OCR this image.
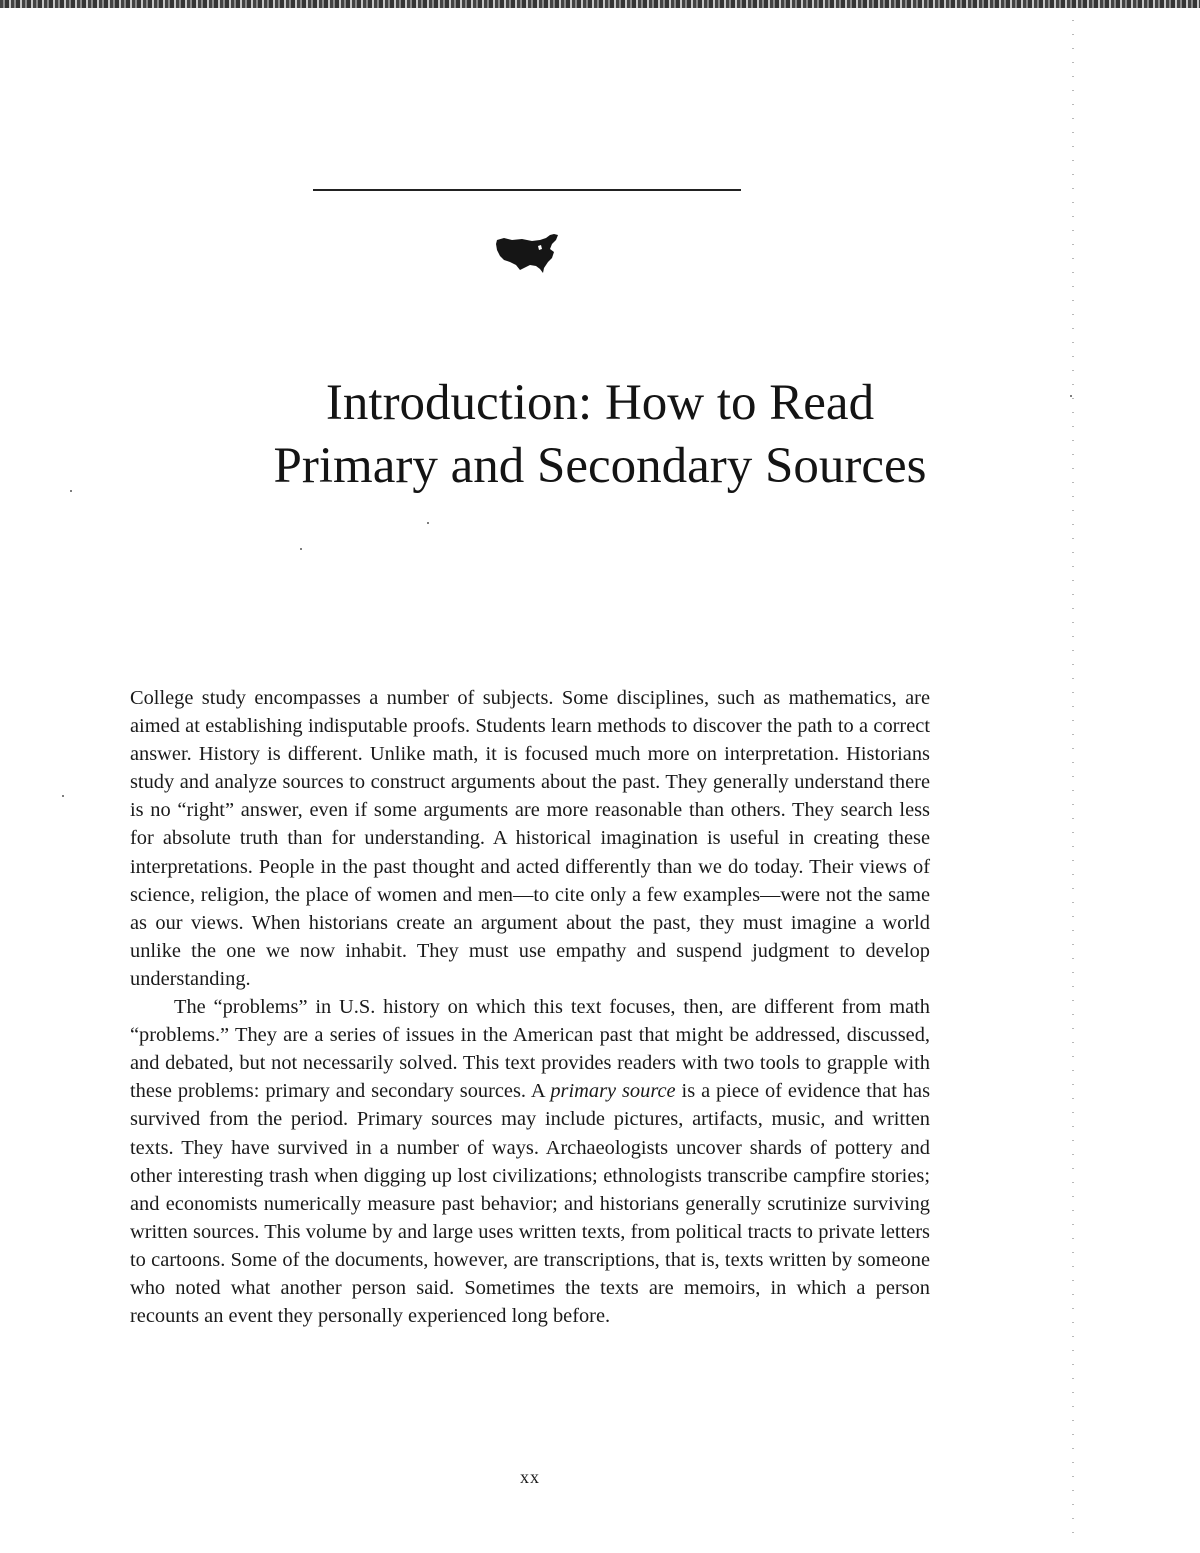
Introduction: How to Read
Primary and Secondary Sources

College study encompasses a number of subjects. Some disciplines, such as mathematics, are aimed at establishing indisputable proofs. Students learn methods to discover the path to a correct answer. History is different. Unlike math, it is focused much more on interpretation. Historians study and analyze sources to construct arguments about the past. They generally understand there is no “right” answer, even if some arguments are more reasonable than others. They search less for absolute truth than for understanding. A historical imagination is useful in creating these interpretations. People in the past thought and acted differently than we do today. Their views of science, religion, the place of women and men—to cite only a few examples—were not the same as our views. When historians create an argument about the past, they must imagine a world unlike the one we now inhabit. They must use empathy and suspend judgment to develop understanding.

The “problems” in U.S. history on which this text focuses, then, are different from math “problems.” They are a series of issues in the American past that might be addressed, discussed, and debated, but not necessarily solved. This text provides readers with two tools to grapple with these problems: primary and secondary sources. A primary source is a piece of evidence that has survived from the period. Primary sources may include pictures, artifacts, music, and written texts. They have survived in a number of ways. Archaeologists uncover shards of pottery and other interesting trash when digging up lost civilizations; ethnologists transcribe campfire stories; and economists numerically measure past behavior; and historians generally scrutinize surviving written sources. This volume by and large uses written texts, from political tracts to private letters to cartoons. Some of the documents, however, are transcriptions, that is, texts written by someone who noted what another person said. Sometimes the texts are memoirs, in which a person recounts an event they personally experienced long before.

xx
